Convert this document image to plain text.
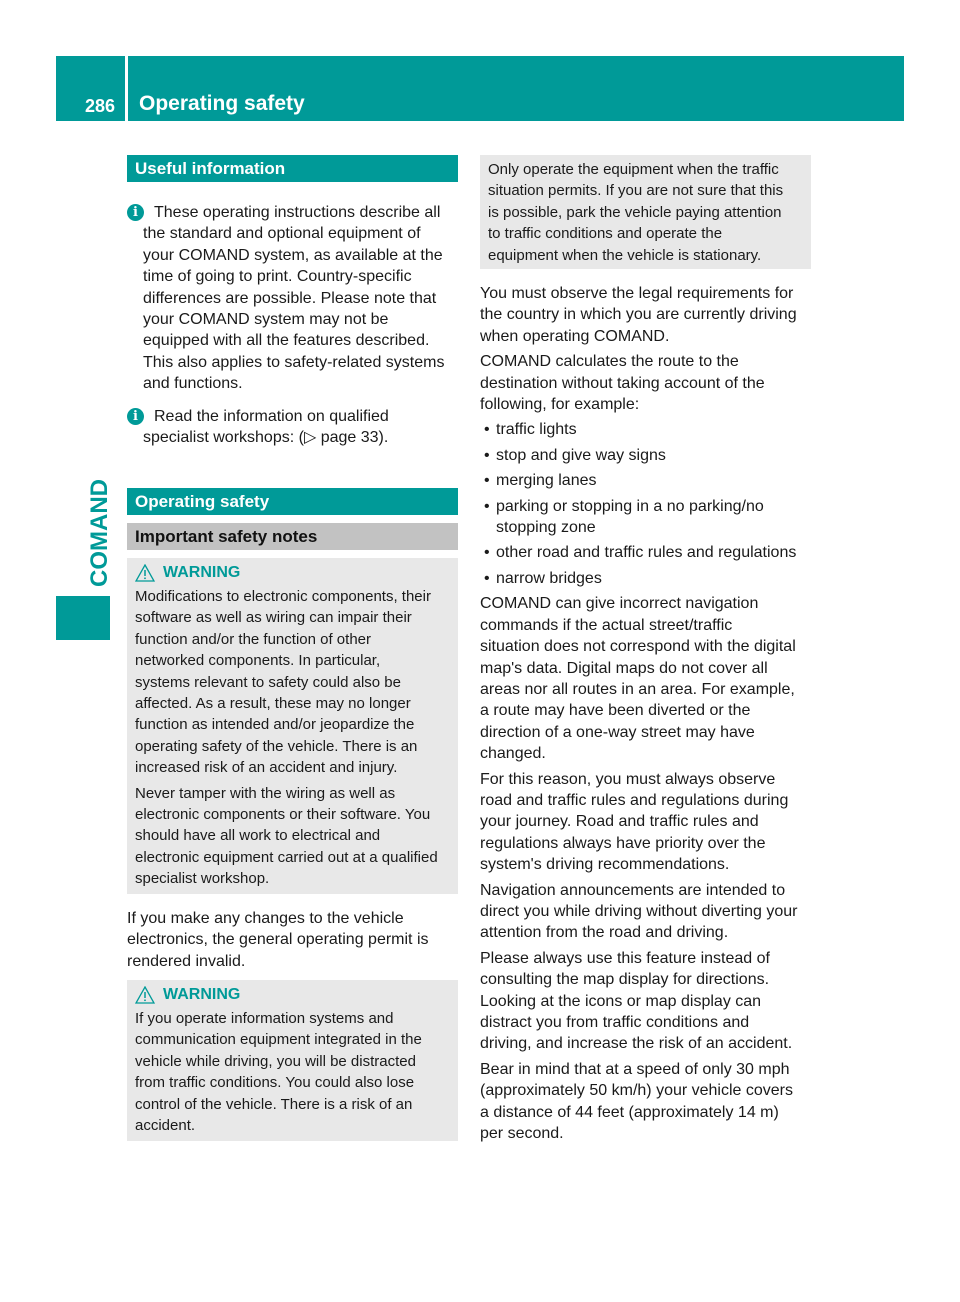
286 Operating safety
COMAND
Useful information
i	These operating instructions describe all
the standard and optional equipment of
your COMAND system, as available at the
time of going to print. Country-specific
differences are possible. Please note that
your COMAND system may not be
equipped with all the features described.
This also applies to safety-related systems
and functions.
i	Read the information on qualified
specialist workshops: (▷ page 33).
Operating safety
Important safety notes
WARNING
Modifications to electronic components, their
software as well as wiring can impair their
function and/or the function of other
networked components. In particular,
systems relevant to safety could also be
affected. As a result, these may no longer
function as intended and/or jeopardize the
operating safety of the vehicle. There is an
increased risk of an accident and injury.
Never tamper with the wiring as well as
electronic components or their software. You
should have all work to electrical and
electronic equipment carried out at a qualified
specialist workshop.
If you make any changes to the vehicle
electronics, the general operating permit is
rendered invalid.
WARNING
If you operate information systems and
communication equipment integrated in the
vehicle while driving, you will be distracted
from traffic conditions. You could also lose
control of the vehicle. There is a risk of an
accident.
Only operate the equipment when the traffic
situation permits. If you are not sure that this
is possible, park the vehicle paying attention
to traffic conditions and operate the
equipment when the vehicle is stationary.
You must observe the legal requirements for
the country in which you are currently driving
when operating COMAND.
COMAND calculates the route to the
destination without taking account of the
following, for example:
• traffic lights
• stop and give way signs
• merging lanes
• parking or stopping in a no parking/no
stopping zone
• other road and traffic rules and regulations
• narrow bridges
COMAND can give incorrect navigation
commands if the actual street/traffic
situation does not correspond with the digital
map's data. Digital maps do not cover all
areas nor all routes in an area. For example,
a route may have been diverted or the
direction of a one-way street may have
changed.
For this reason, you must always observe
road and traffic rules and regulations during
your journey. Road and traffic rules and
regulations always have priority over the
system's driving recommendations.
Navigation announcements are intended to
direct you while driving without diverting your
attention from the road and driving.
Please always use this feature instead of
consulting the map display for directions.
Looking at the icons or map display can
distract you from traffic conditions and
driving, and increase the risk of an accident.
Bear in mind that at a speed of only 30 mph
(approximately 50 km/h) your vehicle covers
a distance of 44 feet (approximately 14 m)
per second.
